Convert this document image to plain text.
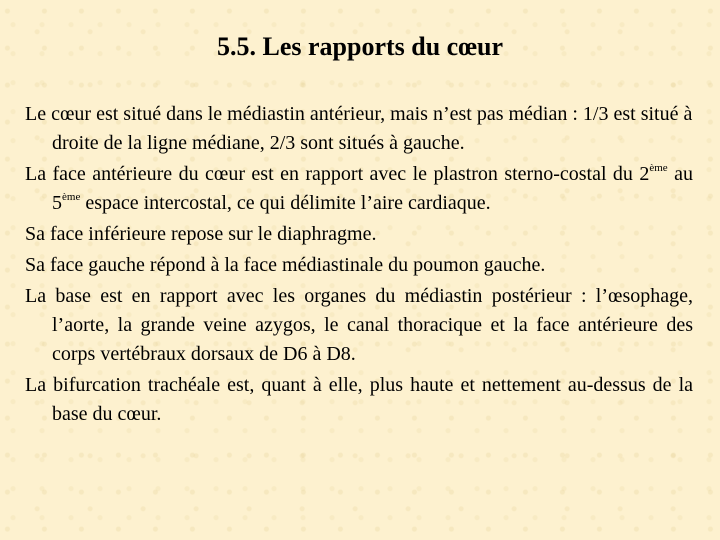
5.5. Les rapports du cœur

Le cœur est situé dans le médiastin antérieur, mais n’est pas médian : 1/3 est situé à droite de la ligne médiane, 2/3 sont situés à gauche.

La face antérieure du cœur est en rapport avec le plastron sterno-costal du 2ème au 5ème espace intercostal, ce qui délimite l’aire cardiaque.

Sa face inférieure repose sur le diaphragme.

Sa face gauche répond à la face médiastinale du poumon gauche.

La base est en rapport avec les organes du médiastin postérieur : l’œsophage, l’aorte, la grande veine azygos, le canal thoracique et la face antérieure des corps vertébraux dorsaux de D6 à D8.

La bifurcation trachéale est, quant à elle, plus haute et nettement au-dessus de la base du cœur.
